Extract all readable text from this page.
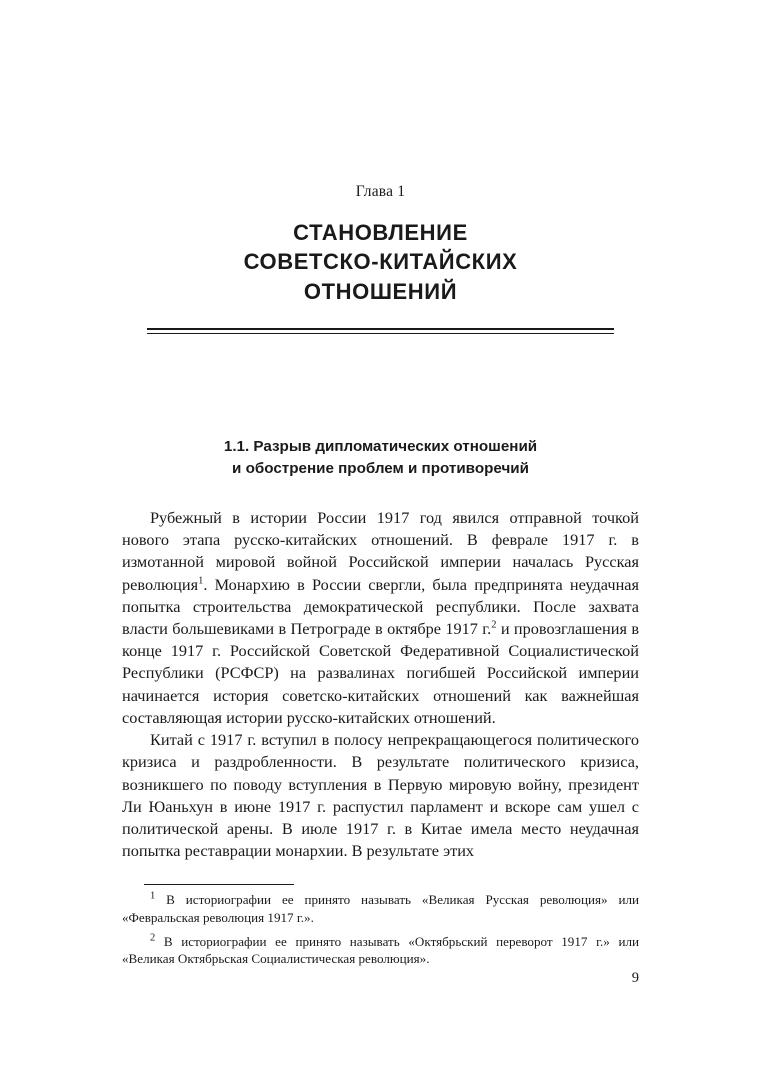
Глава 1
СТАНОВЛЕНИЕ
СОВЕТСКО-КИТАЙСКИХ
ОТНОШЕНИЙ
1.1. Разрыв дипломатических отношений
и обострение проблем и противоречий

Рубежный в истории России 1917 год явился отправной точкой нового этапа русско-китайских отношений. В феврале 1917 г. в измотанной мировой войной Российской империи началась Русская революция$^1$. Монархию в России свергли, была предпринята неудачная попытка строительства демократической республики. После захвата власти большевиками в Петрограде в октябре 1917 г.$^2$ и провозглашения в конце 1917 г. Российской Советской Федеративной Социалистической Республики (РСФСР) на развалинах погибшей Российской империи начинается история советско-китайских отношений как важнейшая составляющая истории русско-китайских отношений.

Китай с 1917 г. вступил в полосу непрекращающегося политического кризиса и раздробленности. В результате политического кризиса, возникшего по поводу вступления в Первую мировую войну, президент Ли Юаньхун в июне 1917 г. распустил парламент и вскоре сам ушел с политической арены. В июле 1917 г. в Китае имела место неудачная попытка реставрации монархии. В результате этих

$^1$ В историографии ее принято называть «Великая Русская революция» или «Февральская революция 1917 г.».

$^2$ В историографии ее принято называть «Октябрьский переворот 1917 г.» или «Великая Октябрьская Социалистическая революция».

9
